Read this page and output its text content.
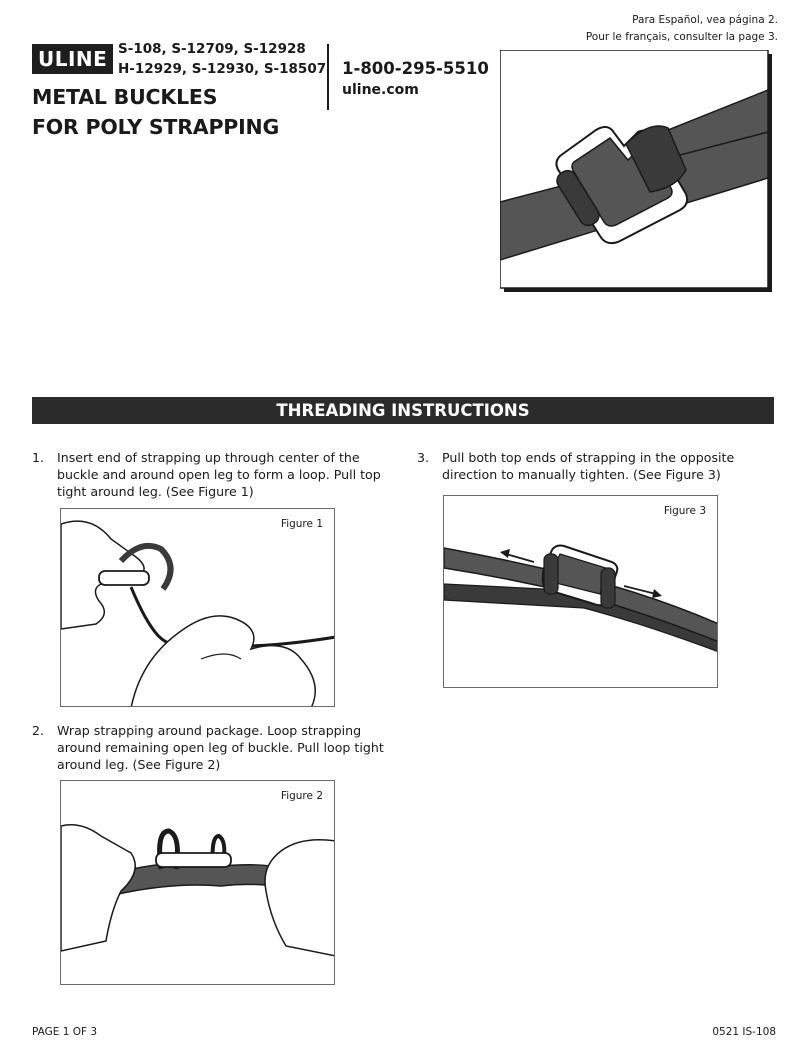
Para Español, vea página 2.
Pour le français, consulter la page 3.
ULINE S-108, S-12709, S-12928
H-12929, S-12930, S-18507
METAL BUCKLES
FOR POLY STRAPPING
1-800-295-5510
uline.com
THREADING INSTRUCTIONS
1. Insert end of strapping up through center of the buckle and around open leg to form a loop. Pull top tight around leg. (See Figure 1)
Figure 1
2. Wrap strapping around package. Loop strapping around remaining open leg of buckle. Pull loop tight around leg. (See Figure 2)
Figure 2
3. Pull both top ends of strapping in the opposite direction to manually tighten. (See Figure 3)
Figure 3
PAGE 1 OF 3	0521 IS-108
